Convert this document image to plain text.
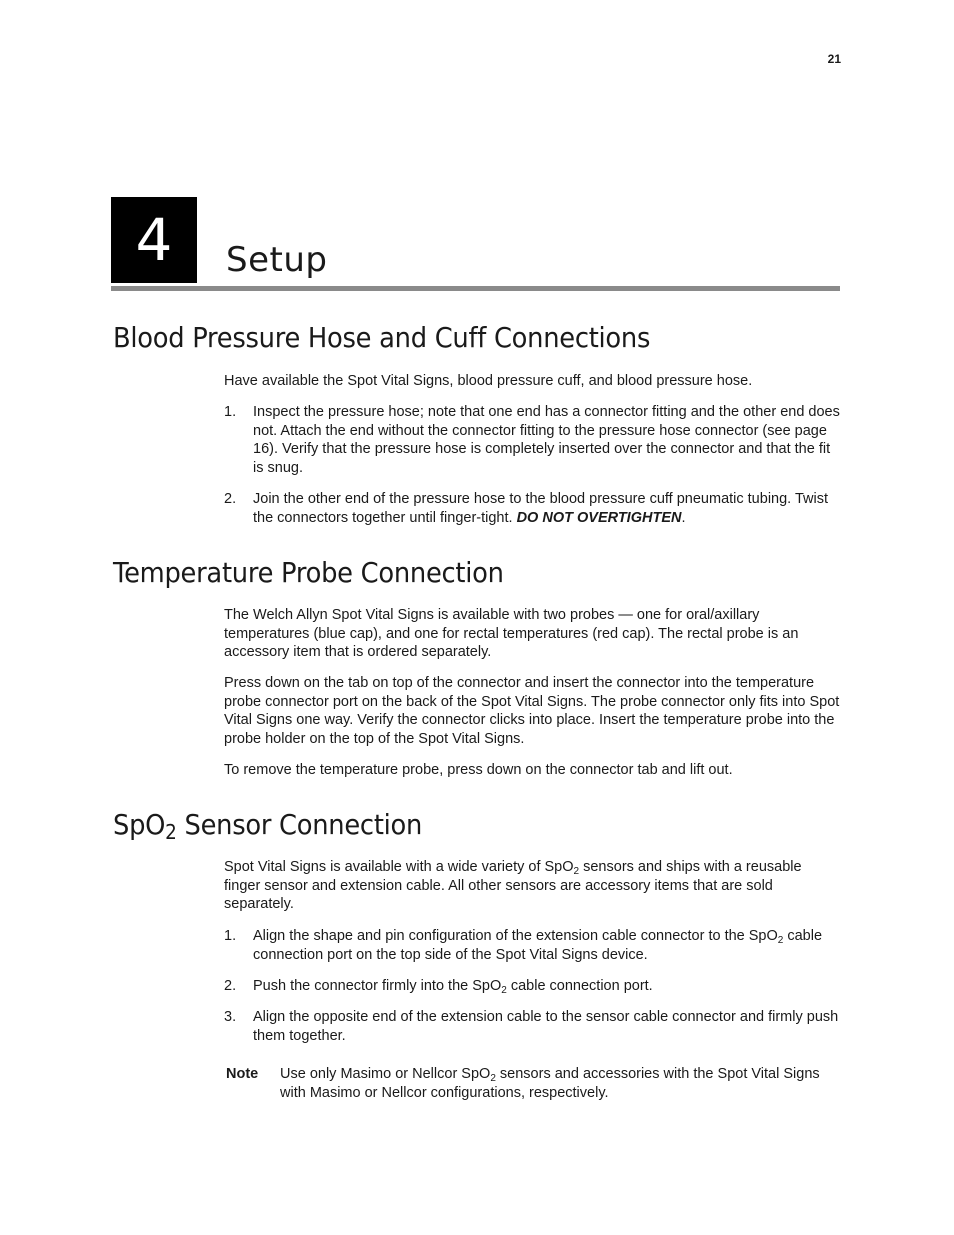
21
4	Setup
Blood Pressure Hose and Cuff Connections

Have available the Spot Vital Signs, blood pressure cuff, and blood pressure hose.

1.	Inspect the pressure hose; note that one end has a connector fitting and the other end does not. Attach the end without the connector fitting to the pressure hose connector (see page 16). Verify that the pressure hose is completely inserted over the connector and that the fit is snug.
2.	Join the other end of the pressure hose to the blood pressure cuff pneumatic tubing. Twist the connectors together until finger-tight. DO NOT OVERTIGHTEN.
Temperature Probe Connection

The Welch Allyn Spot Vital Signs is available with two probes — one for oral/axillary temperatures (blue cap), and one for rectal temperatures (red cap). The rectal probe is an accessory item that is ordered separately.

Press down on the tab on top of the connector and insert the connector into the temperature probe connector port on the back of the Spot Vital Signs. The probe connector only fits into Spot Vital Signs one way. Verify the connector clicks into place. Insert the temperature probe into the probe holder on the top of the Spot Vital Signs.

To remove the temperature probe, press down on the connector tab and lift out.

SpO$_2$ Sensor Connection

Spot Vital Signs is available with a wide variety of SpO$_2$ sensors and ships with a reusable finger sensor and extension cable. All other sensors are accessory items that are sold separately.

1.	Align the shape and pin configuration of the extension cable connector to the SpO$_2$ cable connection port on the top side of the Spot Vital Signs device.
2.	Push the connector firmly into the SpO$_2$ cable connection port.
3.	Align the opposite end of the extension cable to the sensor cable connector and firmly push them together.
Note	Use only Masimo or Nellcor SpO$_2$ sensors and accessories with the Spot Vital Signs with Masimo or Nellcor configurations, respectively.
